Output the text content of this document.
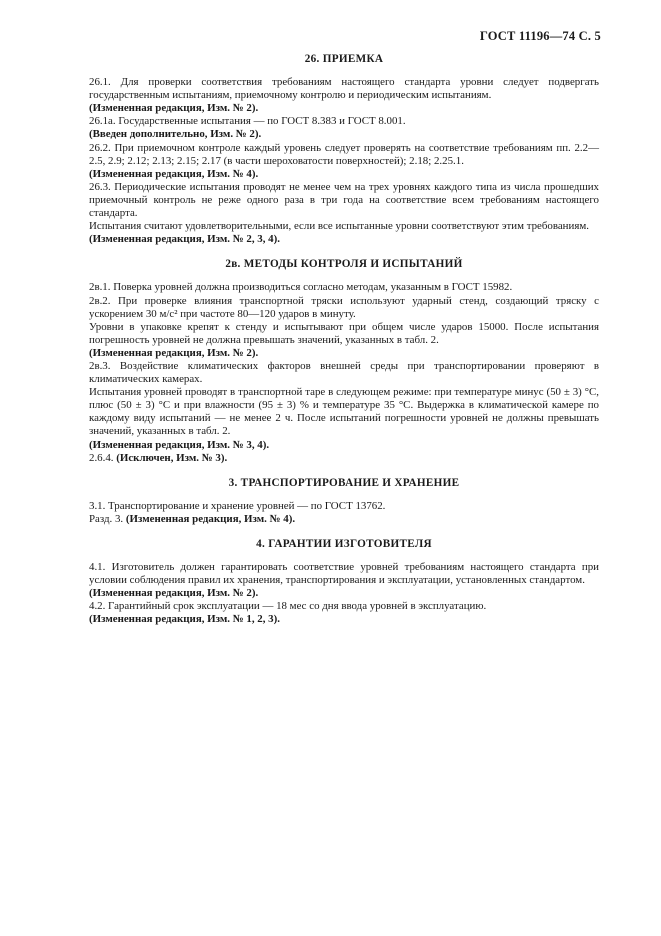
ГОСТ 11196—74 С. 5
26. ПРИЕМКА

26.1. Для проверки соответствия требованиям настоящего стандарта уровни следует подвергать государственным испытаниям, приемочному контролю и периодическим испытаниям.

(Измененная редакция, Изм. № 2).

26.1а. Государственные испытания — по ГОСТ 8.383 и ГОСТ 8.001.

(Введен дополнительно, Изм. № 2).

26.2. При приемочном контроле каждый уровень следует проверять на соответствие требованиям пп. 2.2—2.5, 2.9; 2.12; 2.13; 2.15; 2.17 (в части шероховатости поверхностей); 2.18; 2.25.1.

(Измененная редакция, Изм. № 4).

26.3. Периодические испытания проводят не менее чем на трех уровнях каждого типа из числа прошедших приемочный контроль не реже одного раза в три года на соответствие всем требованиям настоящего стандарта.

Испытания считают удовлетворительными, если все испытанные уровни соответствуют этим требованиям.

(Измененная редакция, Изм. № 2, 3, 4).

2в. МЕТОДЫ КОНТРОЛЯ И ИСПЫТАНИЙ

2в.1. Поверка уровней должна производиться согласно методам, указанным в ГОСТ 15982.

2в.2. При проверке влияния транспортной тряски используют ударный стенд, создающий тряску с ускорением 30 м/с² при частоте 80—120 ударов в минуту.

Уровни в упаковке крепят к стенду и испытывают при общем числе ударов 15000. После испытания погрешность уровней не должна превышать значений, указанных в табл. 2.

(Измененная редакция, Изм. № 2).

2в.3. Воздействие климатических факторов внешней среды при транспортировании проверяют в климатических камерах.

Испытания уровней проводят в транспортной таре в следующем режиме: при температуре минус (50 ± 3) °С, плюс (50 ± 3) °С и при влажности (95 ± 3) % и температуре 35 °С. Выдержка в климатической камере по каждому виду испытаний — не менее 2 ч. После испытаний погрешности уровней не должны превышать значений, указанных в табл. 2.

(Измененная редакция, Изм. № 3, 4).

2.6.4. (Исключен, Изм. № 3).

3. ТРАНСПОРТИРОВАНИЕ И ХРАНЕНИЕ

3.1. Транспортирование и хранение уровней — по ГОСТ 13762.

Разд. 3. (Измененная редакция, Изм. № 4).

4. ГАРАНТИИ ИЗГОТОВИТЕЛЯ

4.1. Изготовитель должен гарантировать соответствие уровней требованиям настоящего стандарта при условии соблюдения правил их хранения, транспортирования и эксплуатации, установленных стандартом.

(Измененная редакция, Изм. № 2).

4.2. Гарантийный срок эксплуатации — 18 мес со дня ввода уровней в эксплуатацию.

(Измененная редакция, Изм. № 1, 2, 3).
